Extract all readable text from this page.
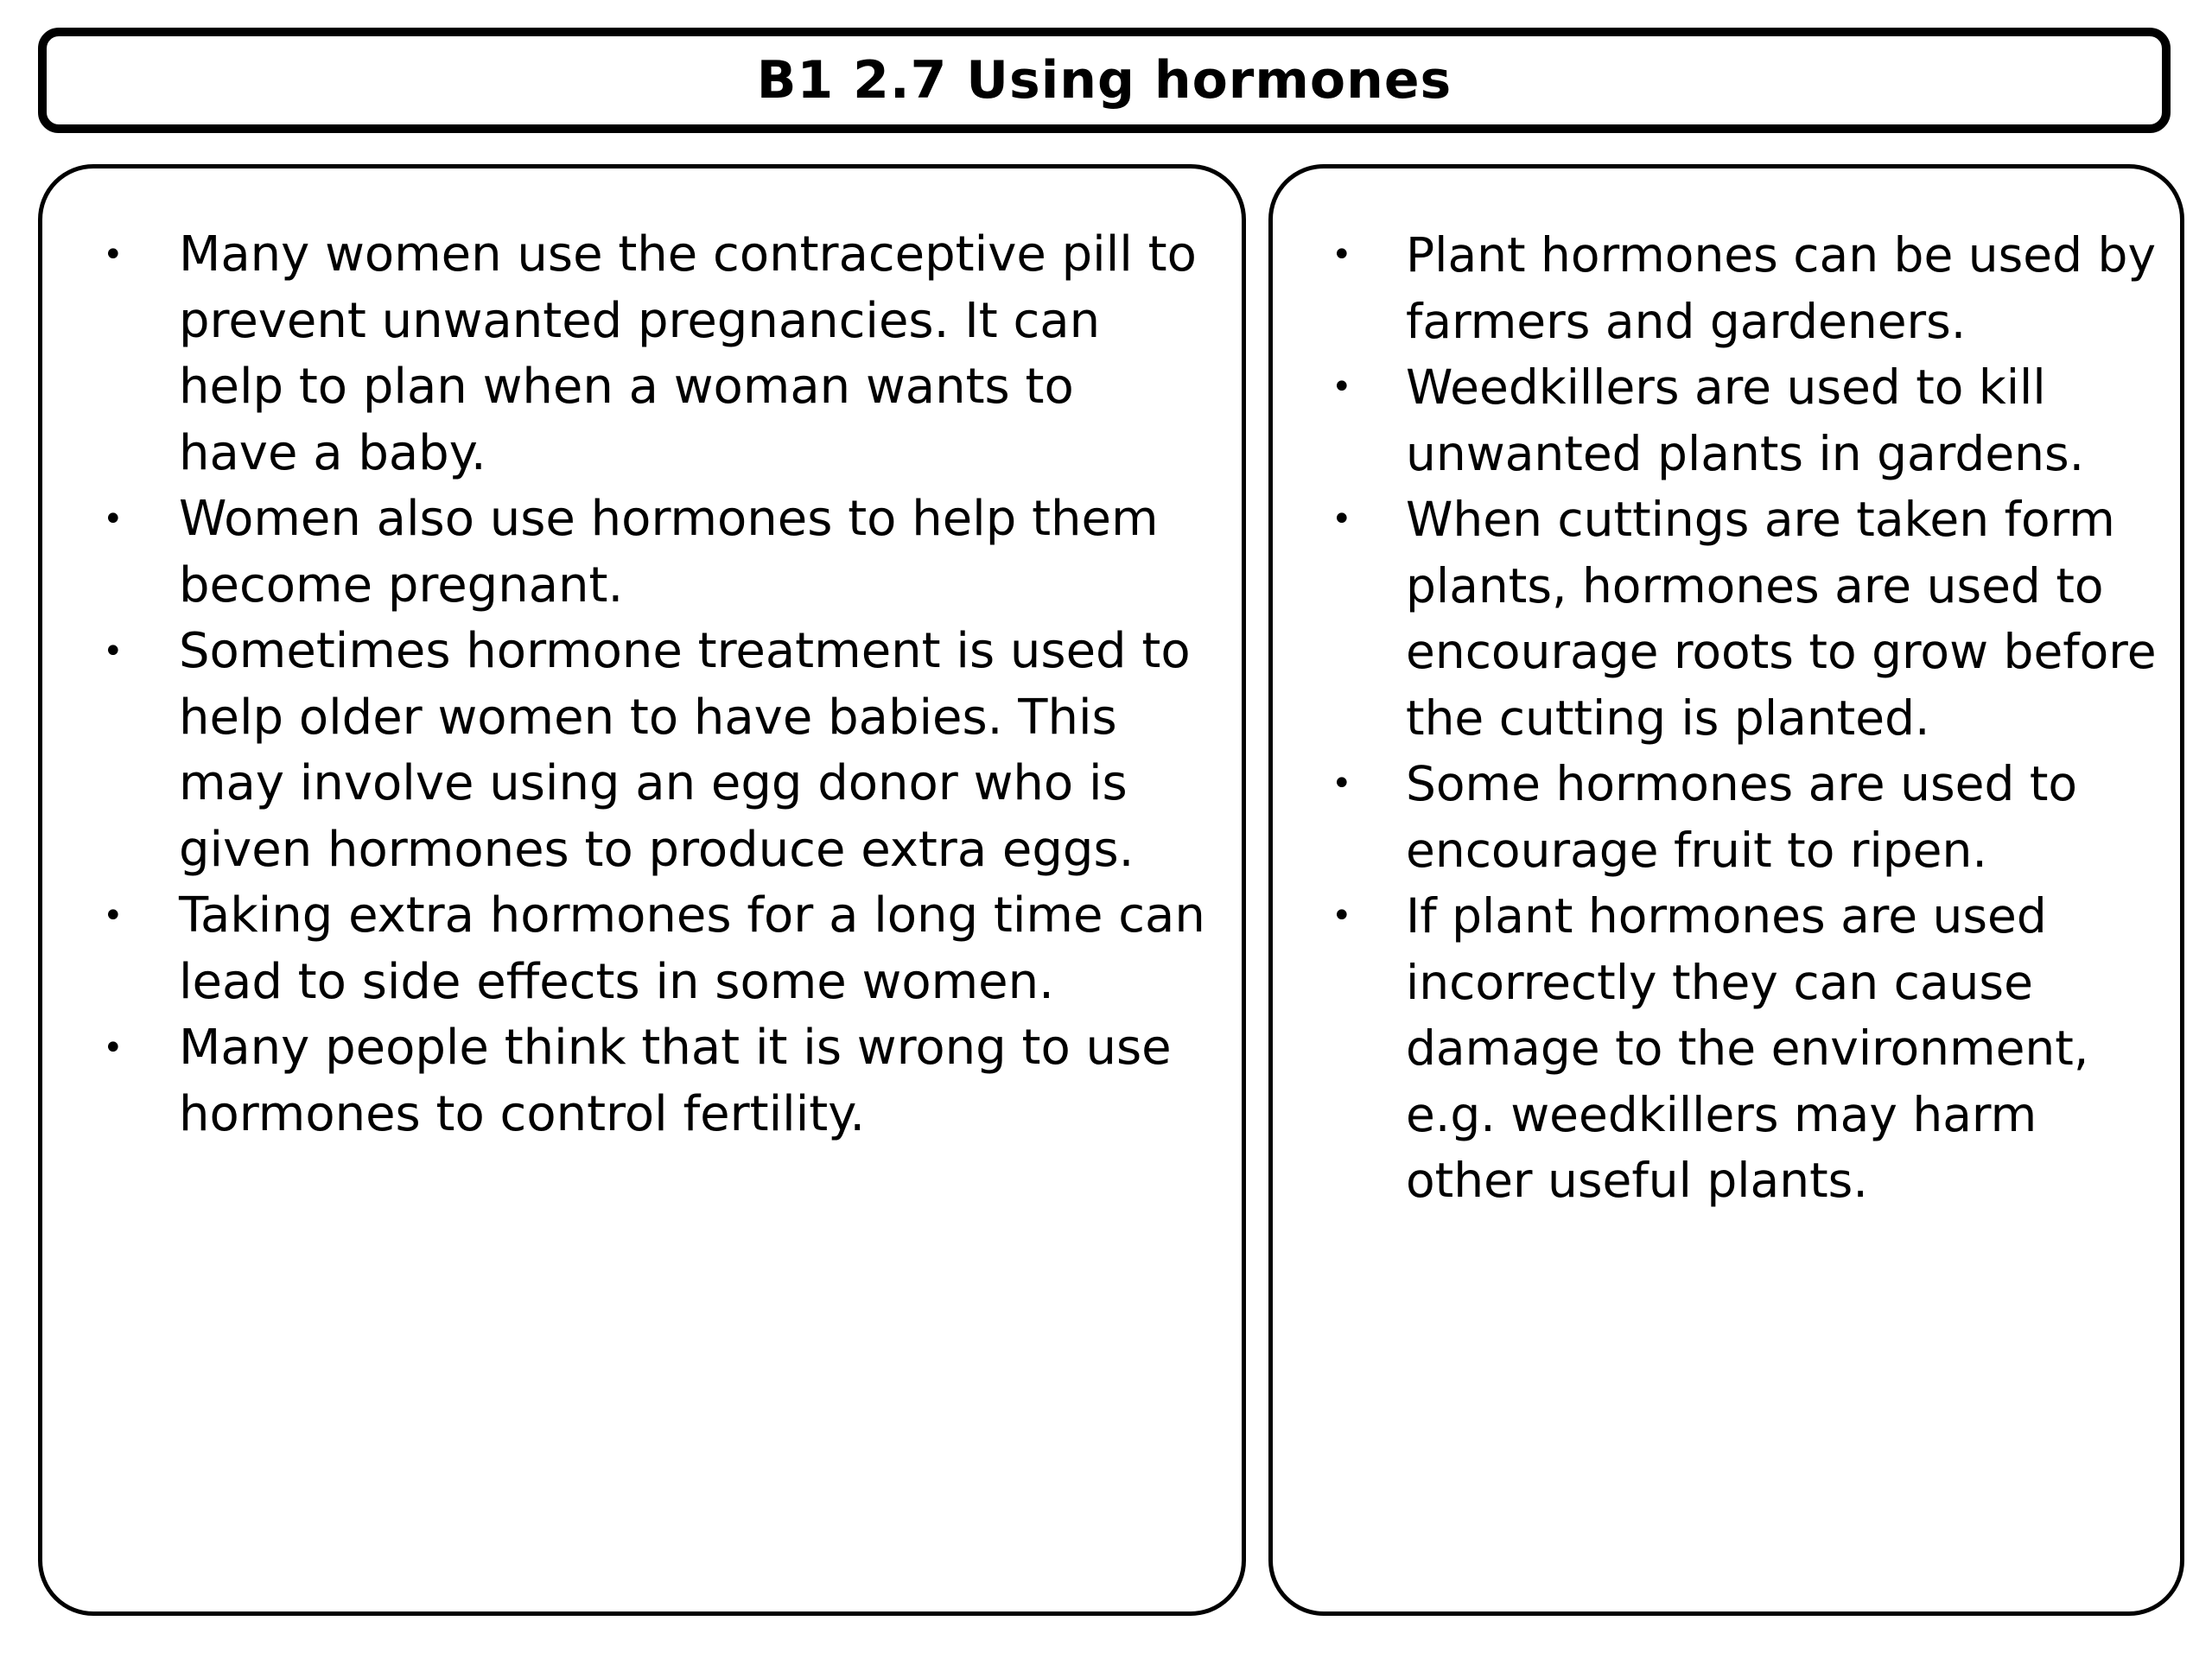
B1 2.7 Using hormones
• Many women use the contraceptive pill to prevent unwanted pregnancies. It can help to plan when a woman wants to have a baby.
• Women also use hormones to help them become pregnant.
• Sometimes hormone treatment is used to help older women to have babies. This may involve using an egg donor who is given hormones to produce extra eggs.
• Taking extra hormones for a long time can lead to side effects in some women.
• Many people think that it is wrong to use hormones to control fertility.
• Plant hormones can be used by farmers and gardeners.
• Weedkillers are used to kill unwanted plants in gardens.
• When cuttings are taken form plants, hormones are used to encourage roots to grow before the cutting is planted.
• Some hormones are used to encourage fruit to ripen.
• If plant hormones are used incorrectly they can cause damage to the environment, e.g. weedkillers may harm other useful plants.
